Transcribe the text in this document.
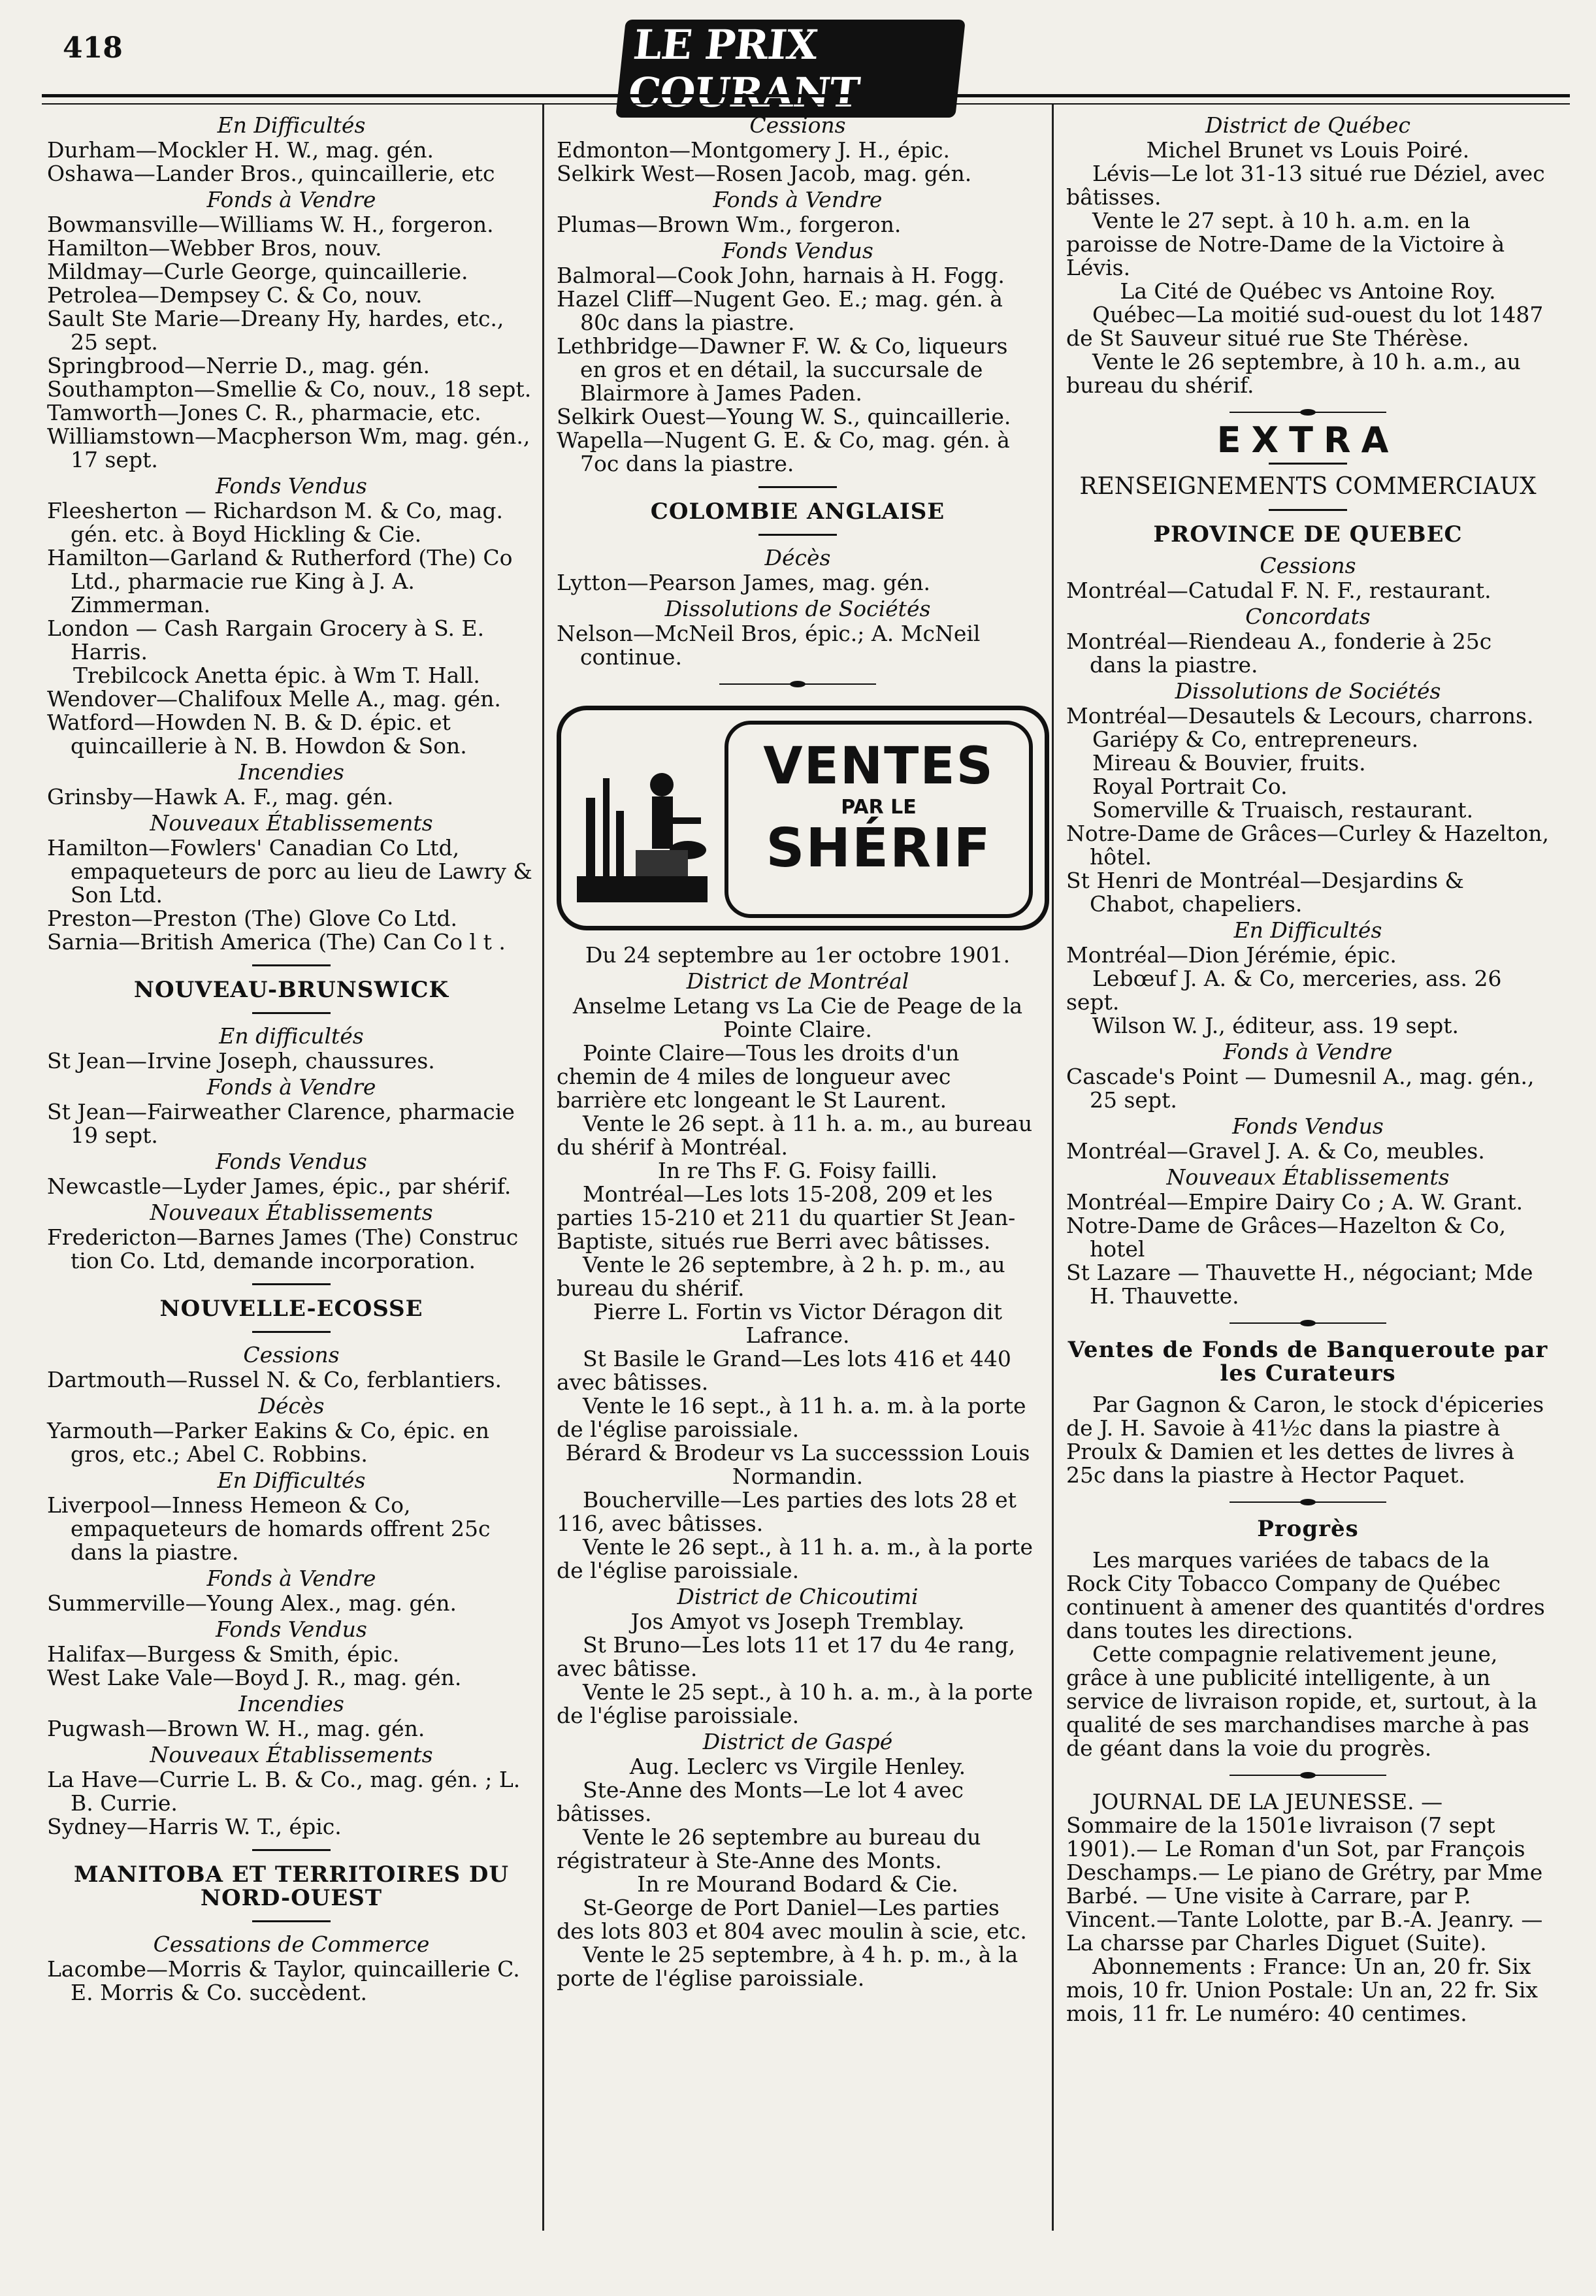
418	LE PRIX COURANT

En Difficultés

Durham—Mockler H. W., mag. gén.

Oshawa—Lander Bros., quincaillerie, etc

Fonds à Vendre

Bowmansville—Williams W. H., forgeron.

Hamilton—Webber Bros, nouv.

Mildmay—Curle George, quincaillerie.

Petrolea—Dempsey C. & Co, nouv.

Sault Ste Marie—Dreany Hy, hardes, etc., 25 sept.

Springbrood—Nerrie D., mag. gén.

Southampton—Smellie & Co, nouv., 18 sept.

Tamworth—Jones C. R., pharmacie, etc.

Williamstown—Macpherson Wm, mag. gén., 17 sept.

Fonds Vendus

Fleesherton — Richardson M. & Co, mag. gén. etc. à Boyd Hickling & Cie.

Hamilton—Garland & Rutherford (The) Co Ltd., pharmacie rue King à J. A. Zimmerman.

London — Cash Rargain Grocery à S. E. Harris.

Trebilcock Anetta épic. à Wm T. Hall.

Wendover—Chalifoux Melle A., mag. gén.

Watford—Howden N. B. & D. épic. et quincaillerie à N. B. Howdon & Son.

Incendies

Grinsby—Hawk A. F., mag. gén.

Nouveaux Établissements

Hamilton—Fowlers' Canadian Co Ltd, empaqueteurs de porc au lieu de Lawry & Son Ltd.

Preston—Preston (The) Glove Co Ltd.

Sarnia—British America (The) Can Co l t .

NOUVEAU-BRUNSWICK

En difficultés

St Jean—Irvine Joseph, chaussures.

Fonds à Vendre

St Jean—Fairweather Clarence, pharmacie 19 sept.

Fonds Vendus

Newcastle—Lyder James, épic., par shérif.

Nouveaux Établissements

Fredericton—Barnes James (The) Construc tion Co. Ltd, demande incorporation.

NOUVELLE-ECOSSE

Cessions

Dartmouth—Russel N. & Co, ferblantiers.

Décès

Yarmouth—Parker Eakins & Co, épic. en gros, etc.; Abel C. Robbins.

En Difficultés

Liverpool—Inness Hemeon & Co, empaqueteurs de homards offrent 25c dans la piastre.

Fonds à Vendre

Summerville—Young Alex., mag. gén.

Fonds Vendus

Halifax—Burgess & Smith, épic.

West Lake Vale—Boyd J. R., mag. gén.

Incendies

Pugwash—Brown W. H., mag. gén.

Nouveaux Établissements

La Have—Currie L. B. & Co., mag. gén. ; L. B. Currie.

Sydney—Harris W. T., épic.

MANITOBA ET TERRITOIRES DU NORD-OUEST

Cessations de Commerce

Lacombe—Morris & Taylor, quincaillerie C. E. Morris & Co. succèdent.

Cessions

Edmonton—Montgomery J. H., épic.

Selkirk West—Rosen Jacob, mag. gén.

Fonds à Vendre

Plumas—Brown Wm., forgeron.

Fonds Vendus

Balmoral—Cook John, harnais à H. Fogg.

Hazel Cliff—Nugent Geo. E.; mag. gén. à 80c dans la piastre.

Lethbridge—Dawner F. W. & Co, liqueurs en gros et en détail, la succursale de Blairmore à James Paden.

Selkirk Ouest—Young W. S., quincaillerie.

Wapella—Nugent G. E. & Co, mag. gén. à 7oc dans la piastre.

COLOMBIE ANGLAISE

Décès

Lytton—Pearson James, mag. gén.

Dissolutions de Sociétés

Nelson—McNeil Bros, épic.; A. McNeil continue.

VENTES
PAR LE
SHÉRIF

Du 24 septembre au 1er octobre 1901.

District de Montréal

Anselme Letang vs La Cie de Peage de la Pointe Claire.

Pointe Claire—Tous les droits d'un chemin de 4 miles de longueur avec barrière etc longeant le St Laurent.

Vente le 26 sept. à 11 h. a. m., au bureau du shérif à Montréal.

In re Ths F. G. Foisy failli.

Montréal—Les lots 15-208, 209 et les parties 15-210 et 211 du quartier St Jean-Baptiste, situés rue Berri avec bâtisses.

Vente le 26 septembre, à 2 h. p. m., au bureau du shérif.

Pierre L. Fortin vs Victor Déragon dit Lafrance.

St Basile le Grand—Les lots 416 et 440 avec bâtisses.

Vente le 16 sept., à 11 h. a. m. à la porte de l'église paroissiale.

Bérard & Brodeur vs La successsion Louis Normandin.

Boucherville—Les parties des lots 28 et 116, avec bâtisses.

Vente le 26 sept., à 11 h. a. m., à la porte de l'église paroissiale.

District de Chicoutimi

Jos Amyot vs Joseph Tremblay.

St Bruno—Les lots 11 et 17 du 4e rang, avec bâtisse.

Vente le 25 sept., à 10 h. a. m., à la porte de l'église paroissiale.

District de Gaspé

Aug. Leclerc vs Virgile Henley.

Ste-Anne des Monts—Le lot 4 avec bâtisses.

Vente le 26 septembre au bureau du régistrateur à Ste-Anne des Monts.

In re Mourand Bodard & Cie.

St-George de Port Daniel—Les parties des lots 803 et 804 avec moulin à scie, etc.

Vente le 25 septembre, à 4 h. p. m., à la porte de l'église paroissiale.

District de Québec

Michel Brunet vs Louis Poiré.

Lévis—Le lot 31-13 situé rue Déziel, avec bâtisses.

Vente le 27 sept. à 10 h. a.m. en la paroisse de Notre-Dame de la Victoire à Lévis.

La Cité de Québec vs Antoine Roy.

Québec—La moitié sud-ouest du lot 1487 de St Sauveur situé rue Ste Thérèse.

Vente le 26 septembre, à 10 h. a.m., au bureau du shérif.

EXTRA

RENSEIGNEMENTS COMMERCIAUX

PROVINCE DE QUEBEC

Cessions

Montréal—Catudal F. N. F., restaurant.

Concordats

Montréal—Riendeau A., fonderie à 25c dans la piastre.

Dissolutions de Sociétés

Montréal—Desautels & Lecours, charrons.

Gariépy & Co, entrepreneurs.

Mireau & Bouvier, fruits.

Royal Portrait Co.

Somerville & Truaisch, restaurant.

Notre-Dame de Grâces—Curley & Hazelton, hôtel.

St Henri de Montréal—Desjardins & Chabot, chapeliers.

En Difficultés

Montréal—Dion Jérémie, épic.

Lebœuf J. A. & Co, merceries, ass. 26 sept.

Wilson W. J., éditeur, ass. 19 sept.

Fonds à Vendre

Cascade's Point — Dumesnil A., mag. gén., 25 sept.

Fonds Vendus

Montréal—Gravel J. A. & Co, meubles.

Nouveaux Établissements

Montréal—Empire Dairy Co ; A. W. Grant.

Notre-Dame de Grâces—Hazelton & Co, hotel

St Lazare — Thauvette H., négociant; Mde H. Thauvette.

Ventes de Fonds de Banqueroute par les Curateurs

Par Gagnon & Caron, le stock d'épiceries de J. H. Savoie à 41½c dans la piastre à Proulx & Damien et les dettes de livres à 25c dans la piastre à Hector Paquet.

Progrès

Les marques variées de tabacs de la Rock City Tobacco Company de Québec continuent à amener des quantités d'ordres dans toutes les directions.

Cette compagnie relativement jeune, grâce à une publicité intelligente, à un service de livraison ropide, et, surtout, à la qualité de ses marchandises marche à pas de géant dans la voie du progrès.

JOURNAL DE LA JEUNESSE. — Sommaire de la 1501e livraison (7 sept 1901).— Le Roman d'un Sot, par François Deschamps.— Le piano de Grétry, par Mme Barbé. — Une visite à Carrare, par P. Vincent.—Tante Lolotte, par B.-A. Jeanry. — La charsse par Charles Diguet (Suite).

Abonnements : France: Un an, 20 fr. Six mois, 10 fr. Union Postale: Un an, 22 fr. Six mois, 11 fr. Le numéro: 40 centimes.
